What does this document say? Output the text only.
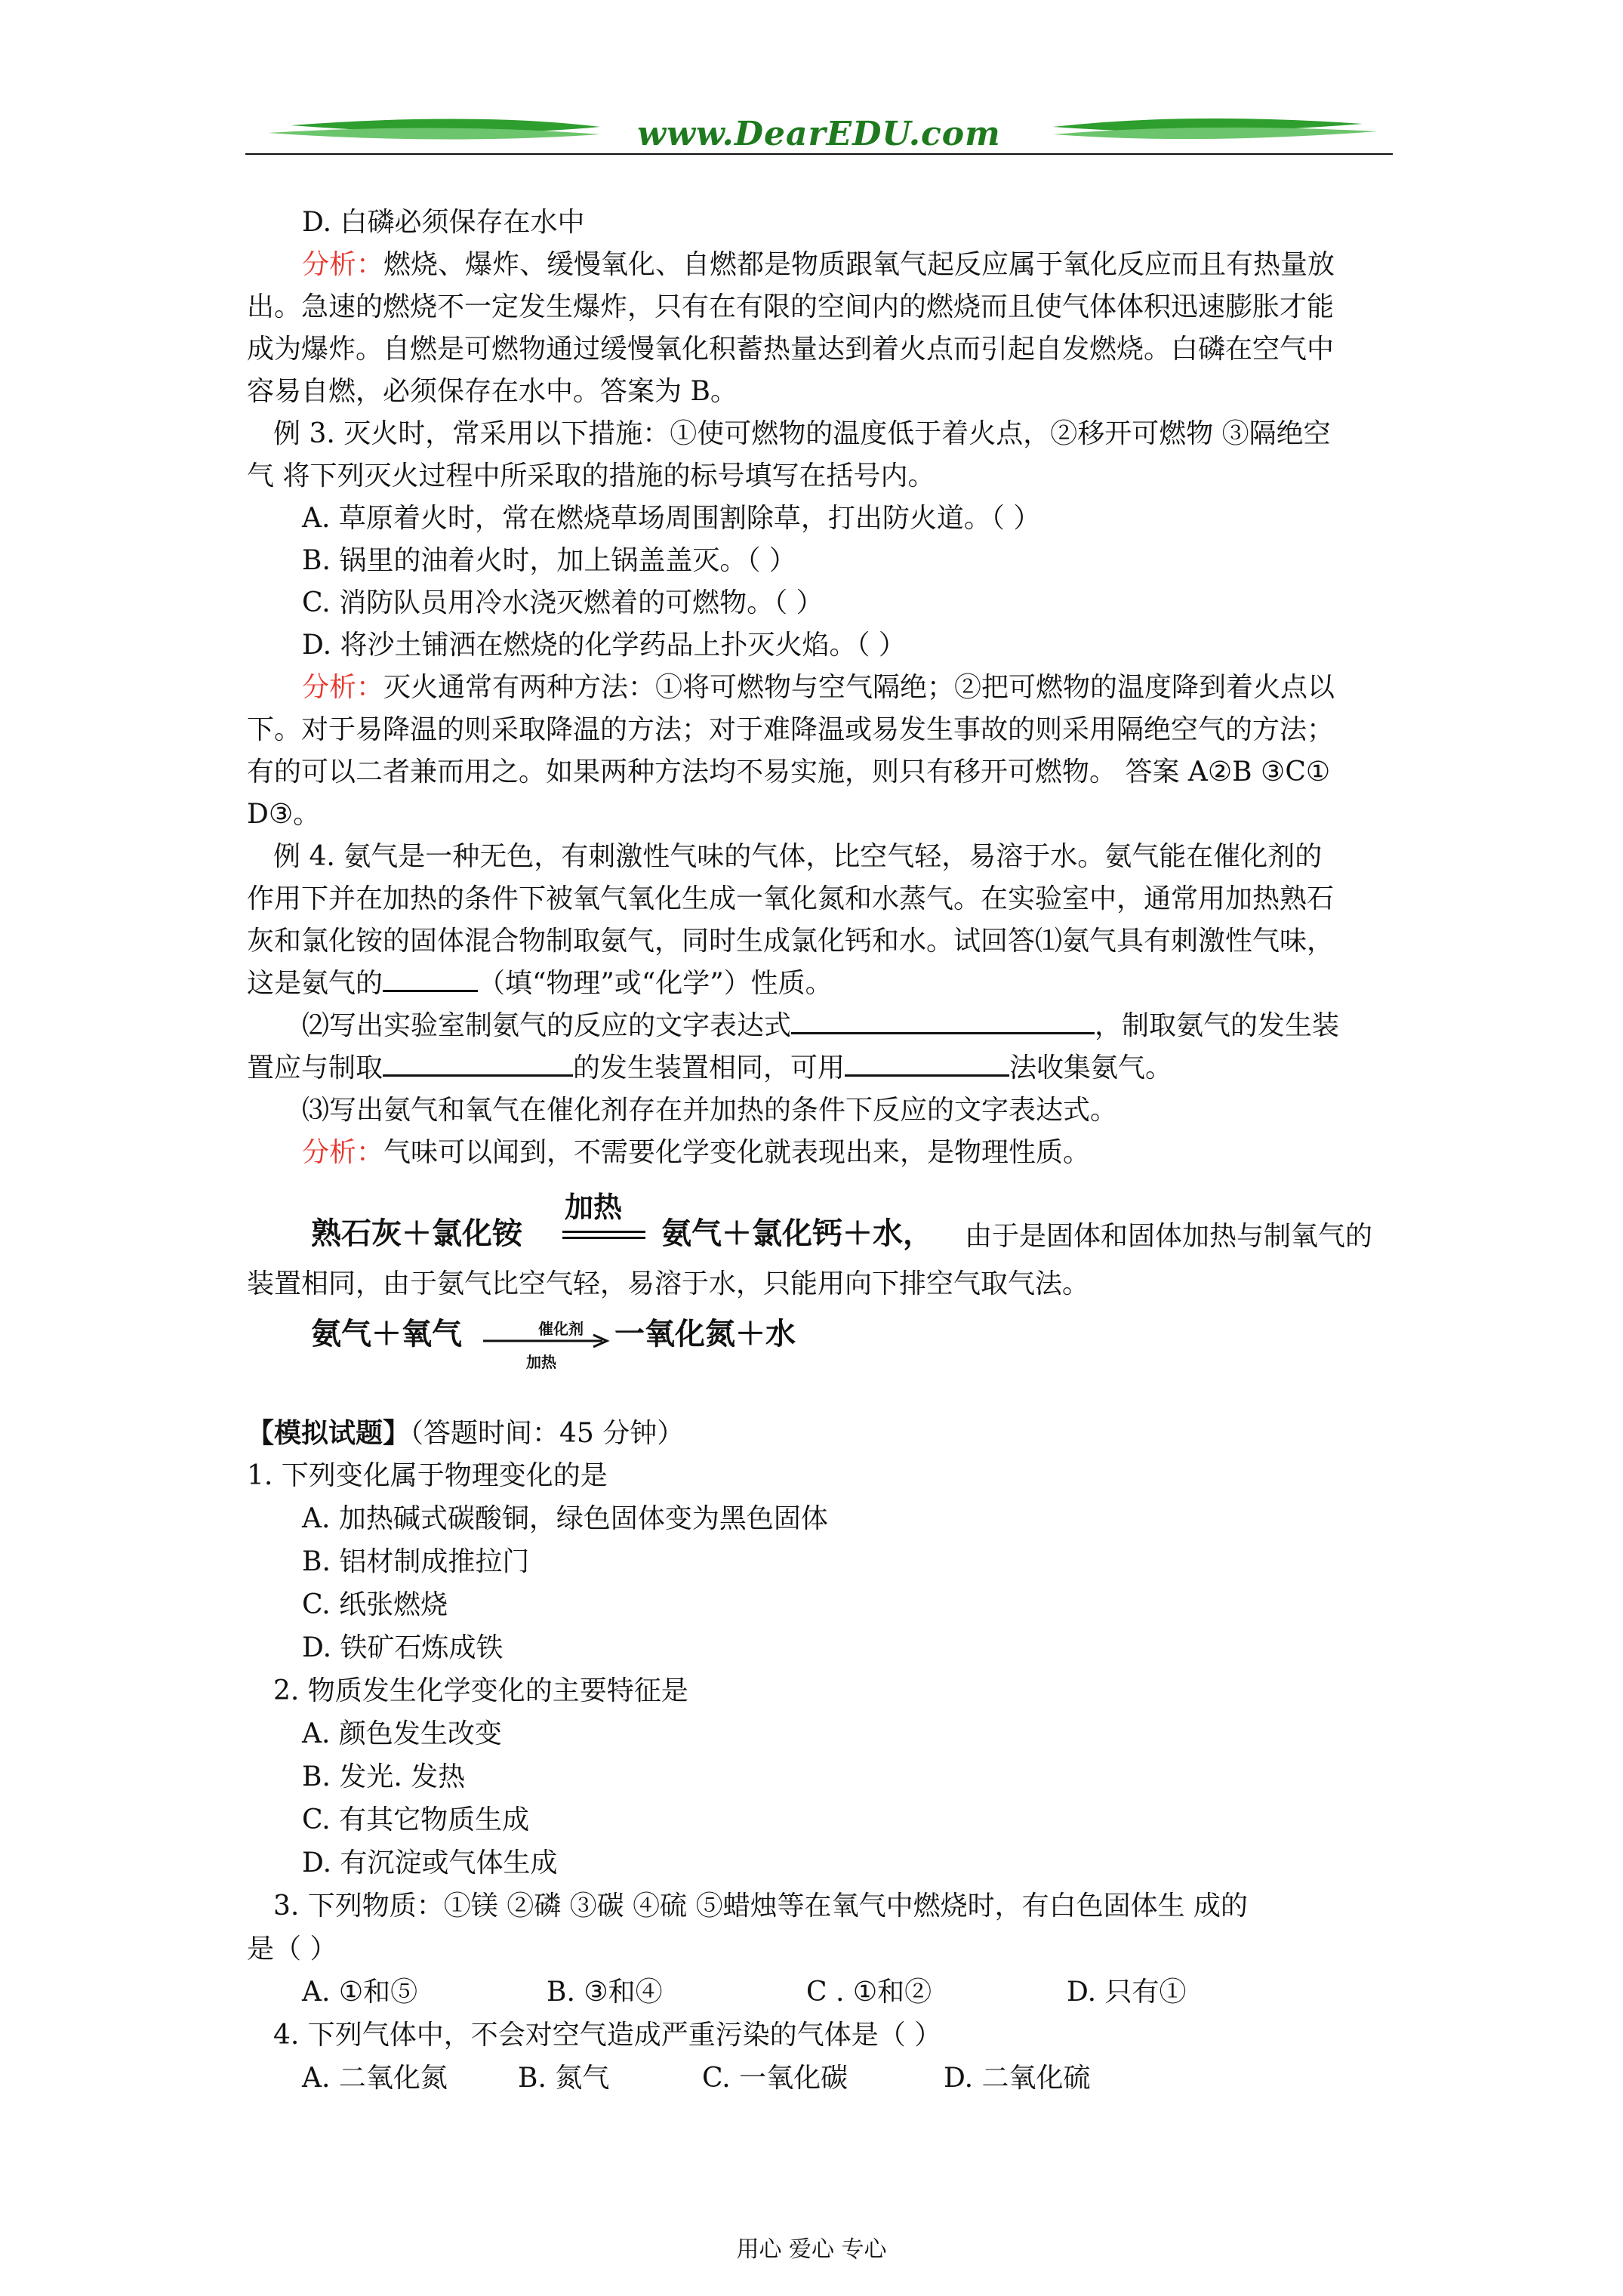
www.DearEDU.com
D. 白磷必须保存在水中
分析：燃烧、爆炸、缓慢氧化、自燃都是物质跟氧气起反应属于氧化反应而且有热量放
出。急速的燃烧不一定发生爆炸，只有在有限的空间内的燃烧而且使气体体积迅速膨胀才能
成为爆炸。自燃是可燃物通过缓慢氧化积蓄热量达到着火点而引起自发燃烧。白磷在空气中
容易自燃，必须保存在水中。答案为 B。
例 3. 灭火时，常采用以下措施：①使可燃物的温度低于着火点，②移开可燃物 ③隔绝空
气 将下列灭火过程中所采取的措施的标号填写在括号内。
A. 草原着火时，常在燃烧草场周围割除草，打出防火道。（ ）
B. 锅里的油着火时，加上锅盖盖灭。（ ）
C. 消防队员用冷水浇灭燃着的可燃物。（ ）
D. 将沙土铺洒在燃烧的化学药品上扑灭火焰。（ ）
分析：灭火通常有两种方法：①将可燃物与空气隔绝；②把可燃物的温度降到着火点以
下。对于易降温的则采取降温的方法；对于难降温或易发生事故的则采用隔绝空气的方法；
有的可以二者兼而用之。如果两种方法均不易实施，则只有移开可燃物。 答案 A②B ③C①
D③。
例 4. 氨气是一种无色，有刺激性气味的气体，比空气轻，易溶于水。氨气能在催化剂的
作用下并在加热的条件下被氧气氧化生成一氧化氮和水蒸气。在实验室中，通常用加热熟石
灰和氯化铵的固体混合物制取氨气，同时生成氯化钙和水。试回答⑴氨气具有刺激性气味，
这是氨气的	（填“物理”或“化学”）性质。
⑵写出实验室制氨气的反应的文字表达式	，制取氨气的发生装
置应与制取	的发生装置相同，可用	法收集氨气。
⑶写出氨气和氧气在催化剂存在并加热的条件下反应的文字表达式。
分析：气味可以闻到，不需要化学变化就表现出来，是物理性质。
加热
熟石灰＋氯化铵	氨气＋氯化钙＋水， 由于是固体和固体加热与制氧气的
装置相同，由于氨气比空气轻，易溶于水，只能用向下排空气取气法。
氨气＋氧气	催化剂
加热
一氧化氮＋水
【模拟试题】（答题时间：45 分钟）
1. 下列变化属于物理变化的是
A. 加热碱式碳酸铜，绿色固体变为黑色固体
B. 铝材制成推拉门
C. 纸张燃烧
D. 铁矿石炼成铁
2. 物质发生化学变化的主要特征是
A. 颜色发生改变
B. 发光. 发热
C. 有其它物质生成
D. 有沉淀或气体生成
3. 下列物质：①镁 ②磷 ③碳 ④硫 ⑤蜡烛等在氧气中燃烧时，有白色固体生 成的
是（ ）
A. ①和⑤	B. ③和④	C . ①和②	D. 只有①
4. 下列气体中，不会对空气造成严重污染的气体是（ ）
A. 二氧化氮	B. 氮气	C. 一氧化碳	D. 二氧化硫
用心 爱心 专心
